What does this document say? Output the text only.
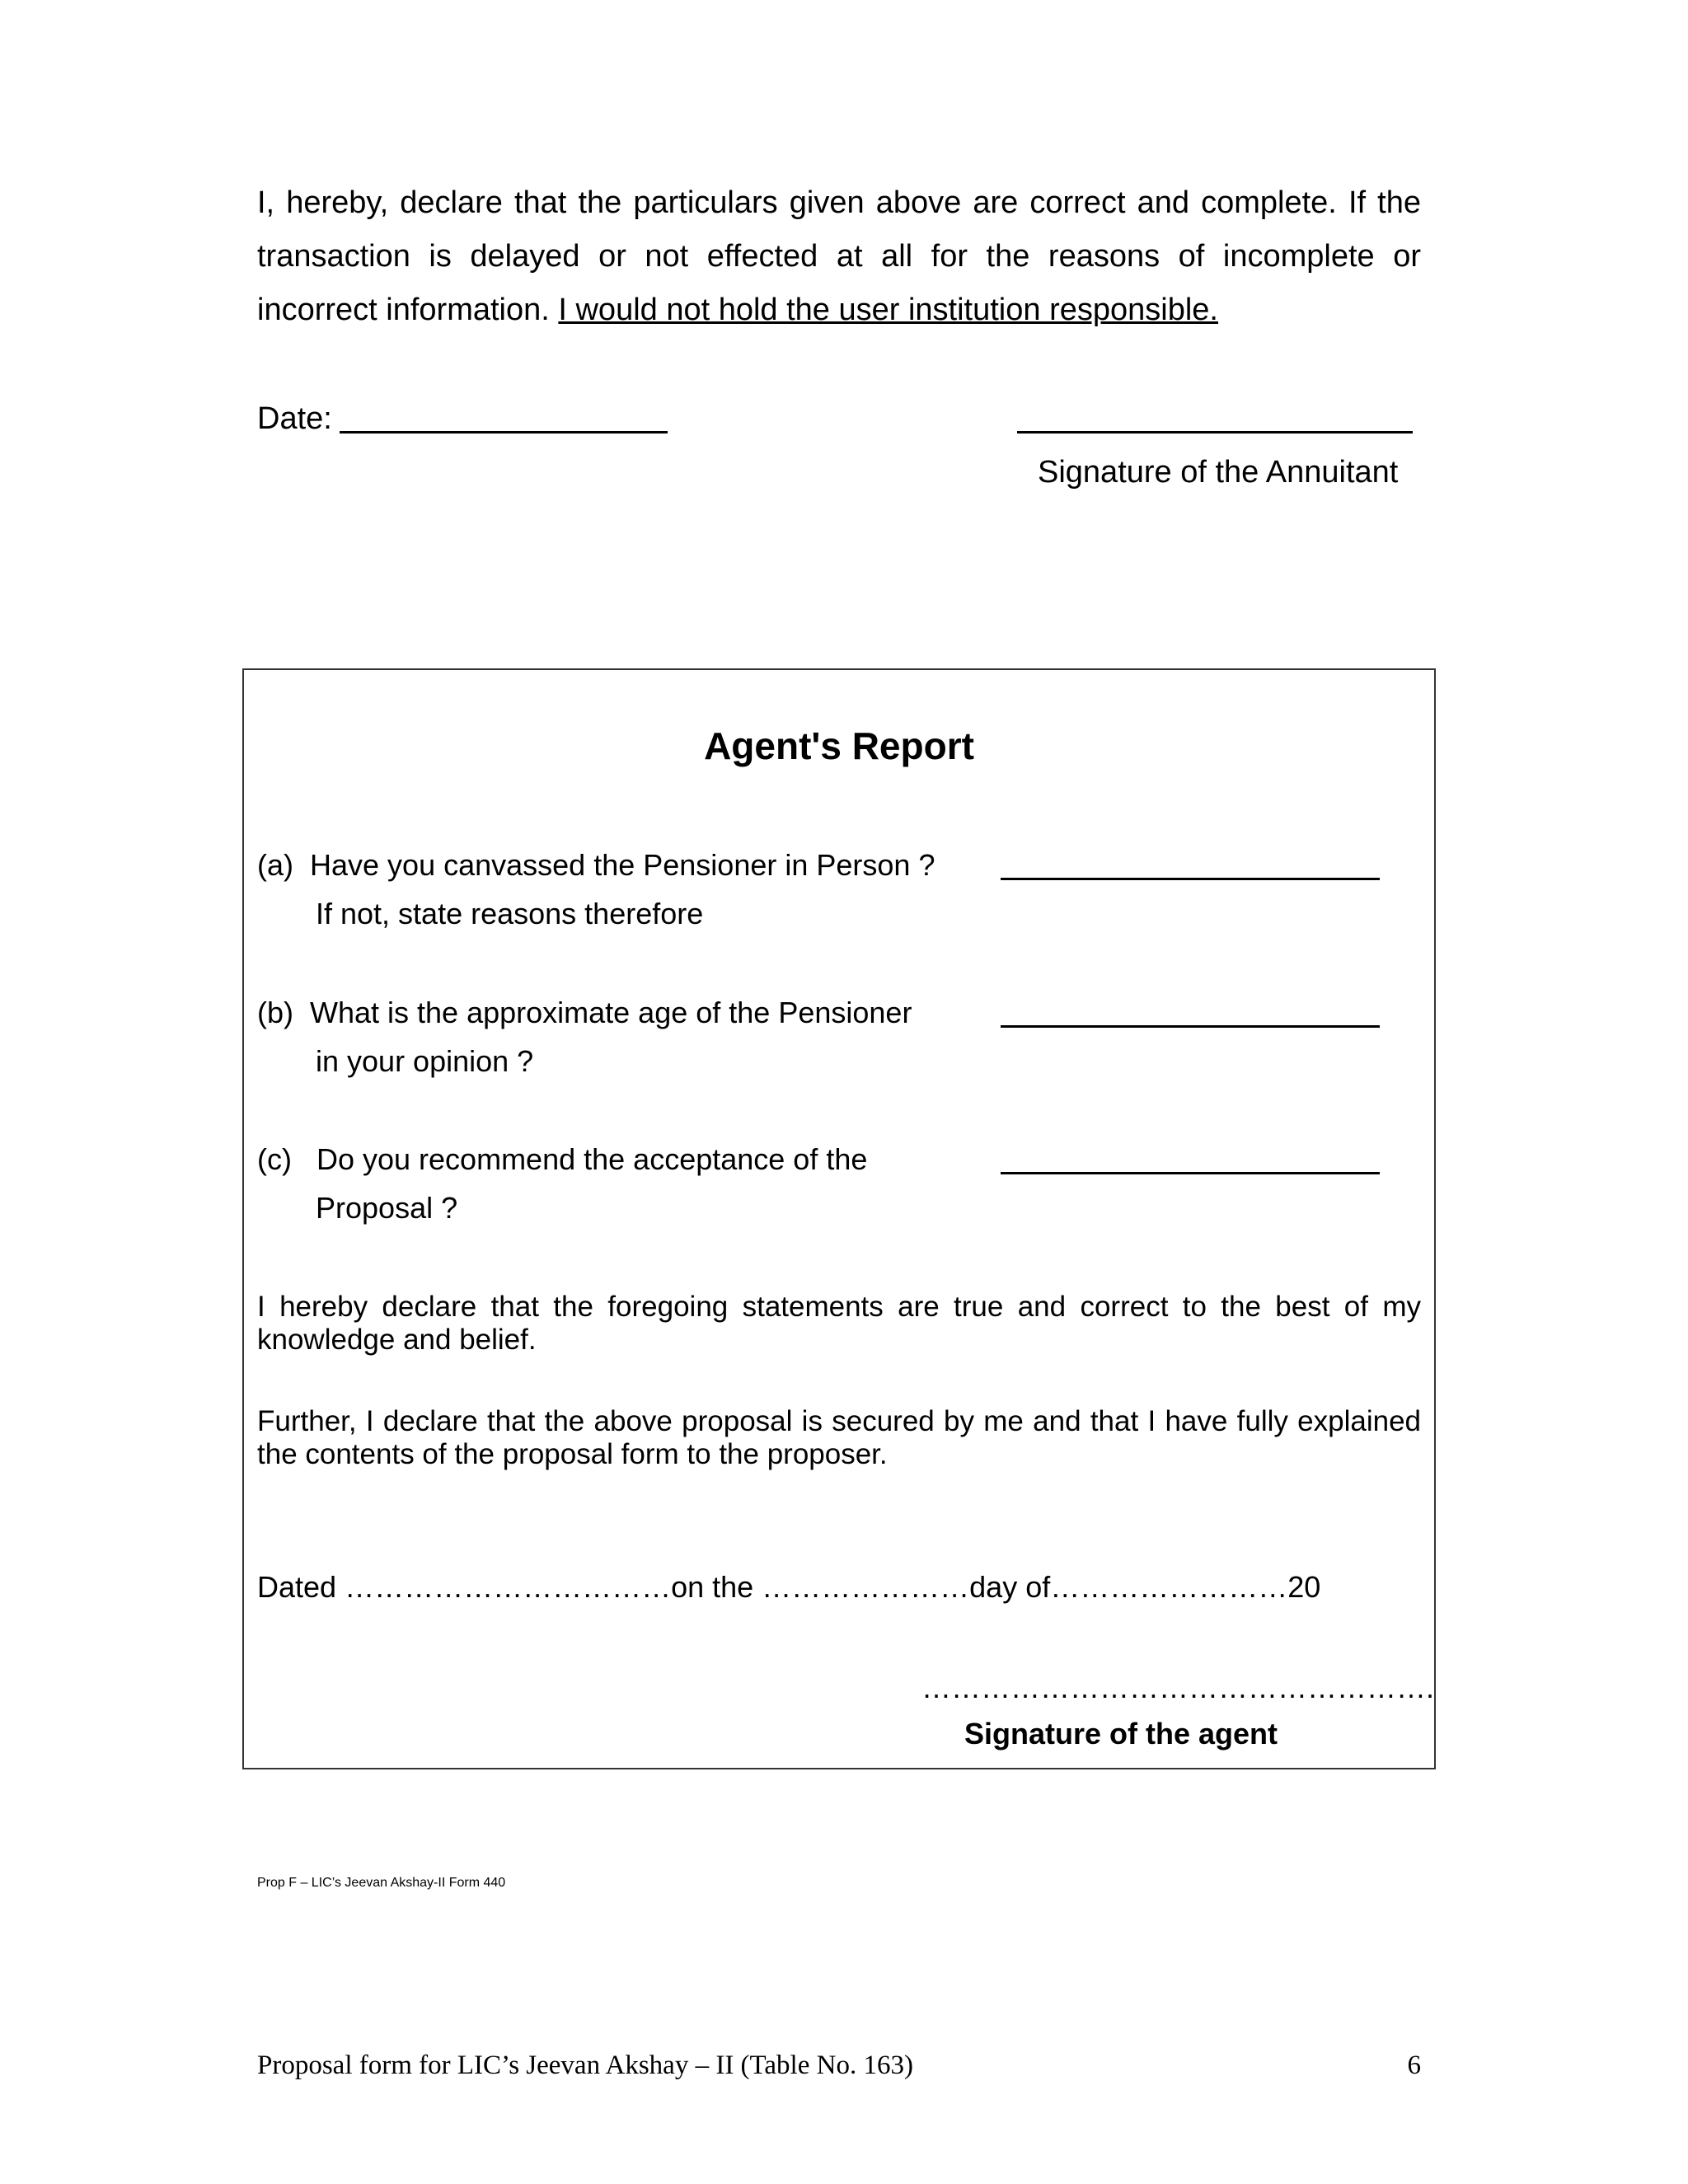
I, hereby, declare that the particulars given above are correct and complete. If the transaction is delayed or not effected at all for the reasons of incomplete or incorrect information. I would not hold the user institution responsible.
Date:
Signature of the Annuitant
Agent's Report
(a)  Have you canvassed the Pensioner in Person ?
If not, state reasons therefore
(b)  What is the approximate age of the Pensioner
in your opinion ?
(c)   Do you recommend the acceptance of the
Proposal ?
I hereby declare that the foregoing statements are true and correct to the best of my knowledge and belief.
Further, I declare that the above proposal is secured by me and that I have fully explained the contents of the proposal form to the proposer.
Dated ……………………………on the …………………day of……………………20
…………………………………………….
Signature of the agent
Prop F – LIC’s Jeevan Akshay-II Form 440
Proposal form for LIC’s Jeevan Akshay – II (Table No. 163)	6
